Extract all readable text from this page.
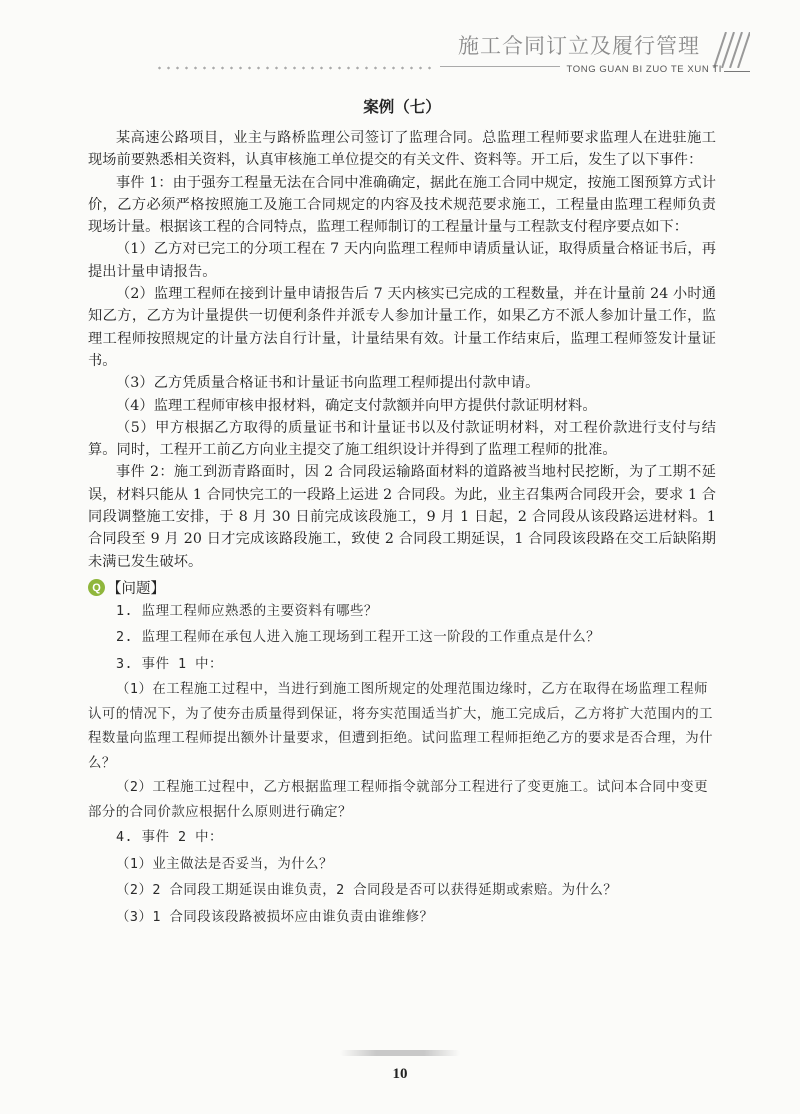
施工合同订立及履行管理
TONG GUAN BI ZUO TE XUN TI
案例（七）

某高速公路项目，业主与路桥监理公司签订了监理合同。总监理工程师要求监理人在进驻施工现场前要熟悉相关资料，认真审核施工单位提交的有关文件、资料等。开工后，发生了以下事件：

事件 1：由于强夯工程量无法在合同中准确确定，据此在施工合同中规定，按施工图预算方式计价，乙方必须严格按照施工及施工合同规定的内容及技术规范要求施工，工程量由监理工程师负责现场计量。根据该工程的合同特点，监理工程师制订的工程量计量与工程款支付程序要点如下：

（1）乙方对已完工的分项工程在 7 天内向监理工程师申请质量认证，取得质量合格证书后，再提出计量申请报告。

（2）监理工程师在接到计量申请报告后 7 天内核实已完成的工程数量，并在计量前 24 小时通知乙方，乙方为计量提供一切便利条件并派专人参加计量工作，如果乙方不派人参加计量工作，监理工程师按照规定的计量方法自行计量，计量结果有效。计量工作结束后，监理工程师签发计量证书。

（3）乙方凭质量合格证书和计量证书向监理工程师提出付款申请。

（4）监理工程师审核申报材料，确定支付款额并向甲方提供付款证明材料。

（5）甲方根据乙方取得的质量证书和计量证书以及付款证明材料，对工程价款进行支付与结算。同时，工程开工前乙方向业主提交了施工组织设计并得到了监理工程师的批准。

事件 2：施工到沥青路面时，因 2 合同段运输路面材料的道路被当地村民挖断，为了工期不延误，材料只能从 1 合同快完工的一段路上运进 2 合同段。为此，业主召集两合同段开会，要求 1 合同段调整施工安排，于 8 月 30 日前完成该段施工，9 月 1 日起，2 合同段从该段路运进材料。1 合同段至 9 月 20 日才完成该路段施工，致使 2 合同段工期延误，1 合同段该段路在交工后缺陷期未满已发生破坏。

Q 【问题】

1. 监理工程师应熟悉的主要资料有哪些？

2. 监理工程师在承包人进入施工现场到工程开工这一阶段的工作重点是什么？

3. 事件 1 中：

（1）在工程施工过程中，当进行到施工图所规定的处理范围边缘时，乙方在取得在场监理工程师认可的情况下，为了使夯击质量得到保证，将夯实范围适当扩大，施工完成后，乙方将扩大范围内的工程数量向监理工程师提出额外计量要求，但遭到拒绝。试问监理工程师拒绝乙方的要求是否合理，为什么？

（2）工程施工过程中，乙方根据监理工程师指令就部分工程进行了变更施工。试问本合同中变更部分的合同价款应根据什么原则进行确定？

4. 事件 2 中：

（1）业主做法是否妥当，为什么？

（2）2 合同段工期延误由谁负责，2 合同段是否可以获得延期或索赔。为什么？

（3）1 合同段该段路被损坏应由谁负责由谁维修？

10
